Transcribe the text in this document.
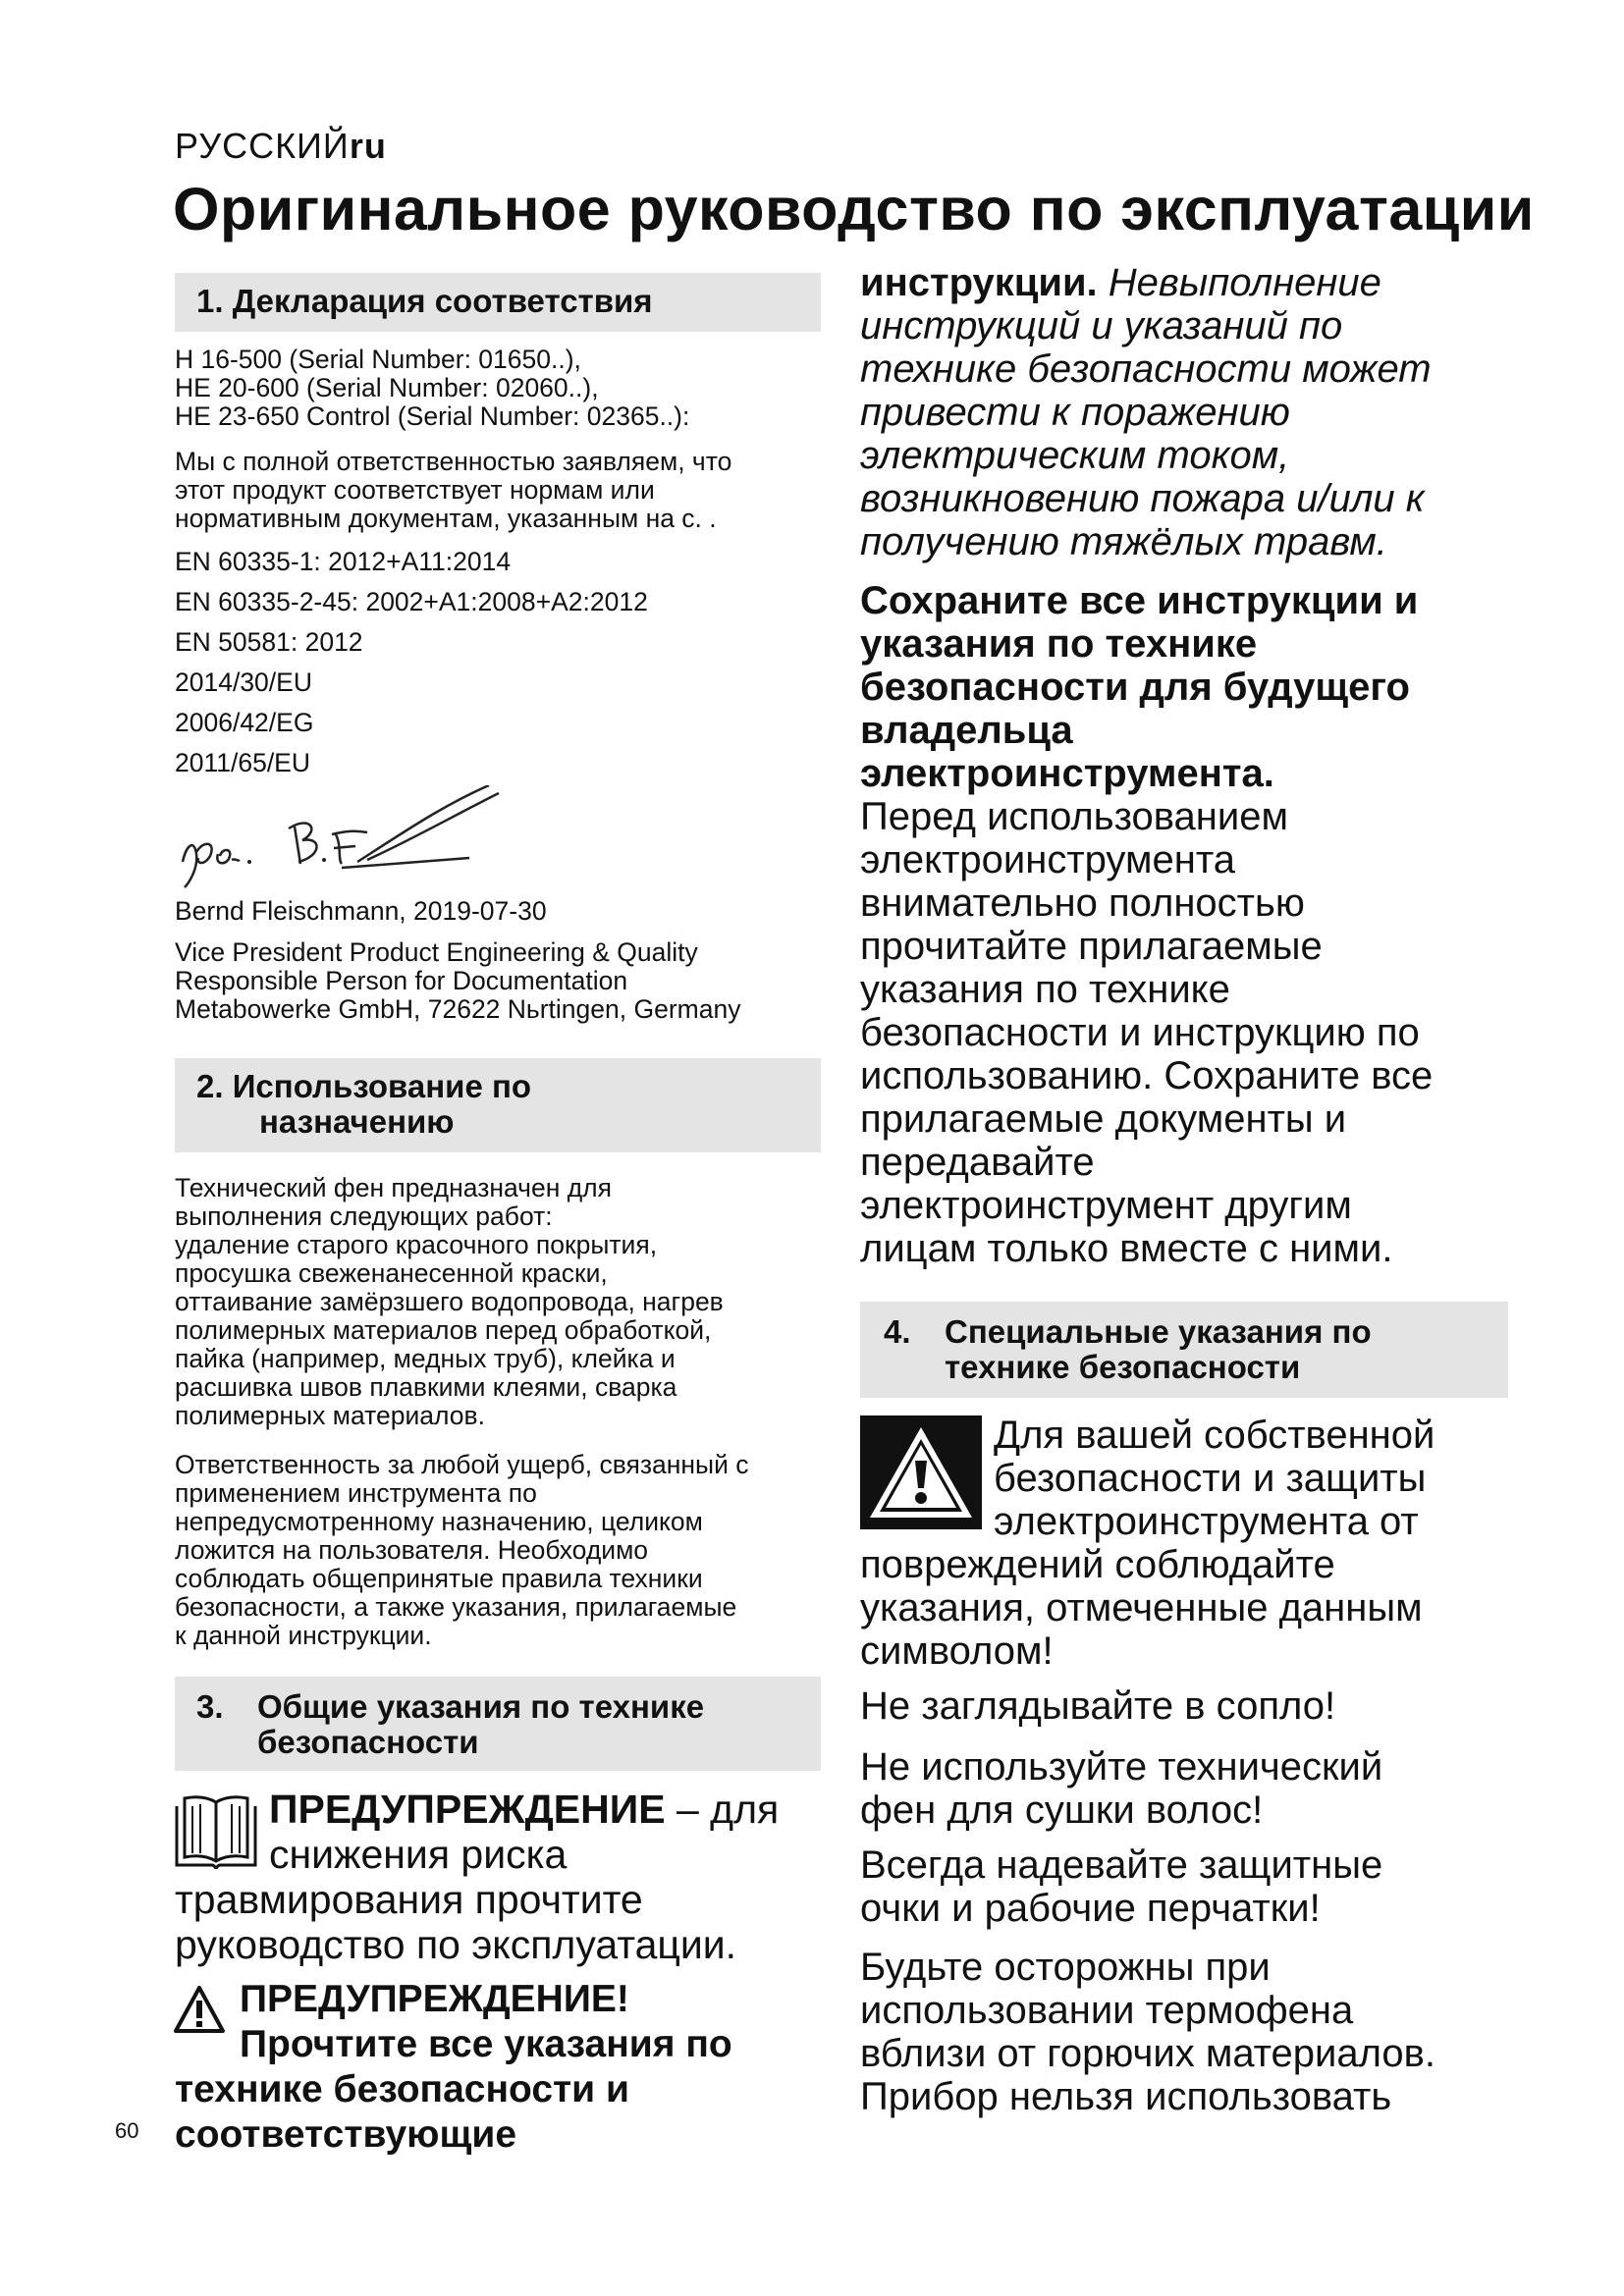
РУССКИЙru
Оригинальное руководство по эксплуатации
1. Декларация соответствия

H 16-500 (Serial Number: 01650..),

HE 20-600 (Serial Number: 02060..),

HE 23-650 Control (Serial Number: 02365..):

Мы с полной ответственностью заявляем, что

этот продукт соответствует нормам или

нормативным документам, указанным на с. .

EN 60335-1: 2012+A11:2014
EN 60335-2-45: 2002+A1:2008+A2:2012
EN 50581: 2012
2014/30/EU
2006/42/EG
2011/65/EU
Bernd Fleischmann, 2019-07-30

Vice President Product Engineering & Quality

Responsible Person for Documentation

Metabowerke GmbH, 72622 Nьrtingen, Germany

2. Использование по
назначению

Технический фен предназначен для

выполнения следующих работ:

удаление старого красочного покрытия,

просушка свеженанесенной краски,

оттаивание замёрзшего водопровода, нагрев

полимерных материалов перед обработкой,

пайка (например, медных труб), клейка и

расшивка швов плавкими клеями, сварка

полимерных материалов.

Ответственность за любой ущерб, связанный с

применением инструмента по

непредусмотренному назначению, целиком

ложится на пользователя. Необходимо

соблюдать общепринятые правила техники

безопасности, а также указания, прилагаемые

к данной инструкции.

3. Общие указания по технике
безопасности
ПРЕДУПРЕЖДЕНИЕ – для
снижения риска
травмирования прочтите
руководство по эксплуатации.
ПРЕДУПРЕЖДЕНИЕ!
Прочтите все указания по
технике безопасности и
соответствующие
инструкции. Невыполнение
инструкций и указаний по
технике безопасности может
привести к поражению
электрическим током,
возникновению пожара и/или к
получению тяжёлых травм.
Сохраните все инструкции и
указания по технике
безопасности для будущего
владельца
электроинструмента.

Перед использованием

электроинструмента

внимательно полностью

прочитайте прилагаемые

указания по технике

безопасности и инструкцию по

использованию. Сохраните все

прилагаемые документы и

передавайте

электроинструмент другим

лицам только вместе с ними.

4. Специальные указания по
технике безопасности

Для вашей собственной

безопасности и защиты

электроинструмента от

повреждений соблюдайте

указания, отмеченные данным

символом!

Не заглядывайте в сопло!

Не используйте технический

фен для сушки волос!

Всегда надевайте защитные

очки и рабочие перчатки!

Будьте осторожны при

использовании термофена

вблизи от горючих материалов.

Прибор нельзя использовать

60
